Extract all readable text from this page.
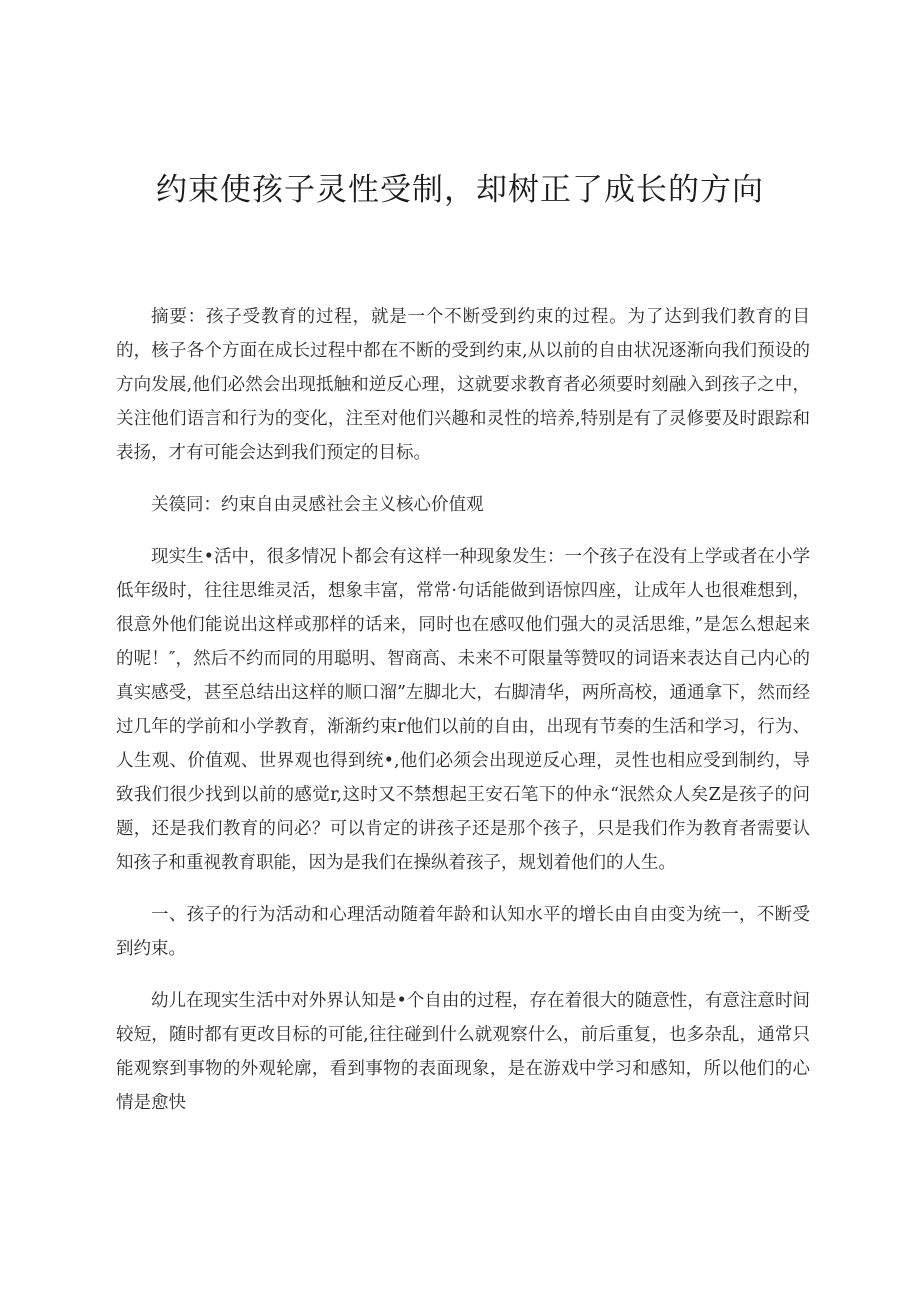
约束使孩子灵性受制，却树正了成长的方向

摘要：孩子受教育的过程，就是一个不断受到约束的过程。为了达到我们教育的目的，核子各个方面在成长过程中都在不断的受到约束,从以前的自由状况逐渐向我们预设的方向发展,他们必然会出现抵触和逆反心理，这就要求教育者必须要时刻融入到孩子之中，关注他们语言和行为的变化，注至对他们兴趣和灵性的培养,特别是有了灵修要及时跟踪和表扬，才有可能会达到我们预定的目标。

关篌同：约束自由灵感社会主义核心价值观

现实生•活中，很多情况卜都会有这样一种现象发生：一个孩子在没有上学或者在小学低年级时，往往思维灵活，想象丰富，常常·句话能做到语惊四座，让成年人也很难想到，很意外他们能说出这样或那样的话来，同时也在感叹他们强大的灵活思维，”是怎么想起来的呢！″，然后不约而同的用聪明、智商高、未来不可限量等赞叹的词语来表达自己内心的真实感受，甚至总结出这样的顺口溜”左脚北大，右脚清华，两所高校，通通拿下，然而经过几年的学前和小学教育，渐渐约束r他们以前的自由，出现有节奏的生活和学习，行为、人生观、价值观、世界观也得到统•,他们必须会出现逆反心理，灵性也相应受到制约，导致我们很少找到以前的感觉r,这时又不禁想起王安石笔下的仲永“泯然众人矣Z是孩子的问题，还是我们教育的问必？可以肯定的讲孩子还是那个孩子，只是我们作为教育者需要认知孩子和重视教育职能，因为是我们在操纵着孩子，规划着他们的人生。

一、孩子的行为活动和心理活动随着年龄和认知水平的增长由自由变为统一，不断受到约束。

幼儿在现实生活中对外界认知是•个自由的过程，存在着很大的随意性，有意注意时间较短，随时都有更改目标的可能,往往碰到什么就观察什么，前后重复，也多杂乱，通常只能观察到事物的外观轮廓，看到事物的表面现象，是在游戏中学习和感知，所以他们的心情是愈快
